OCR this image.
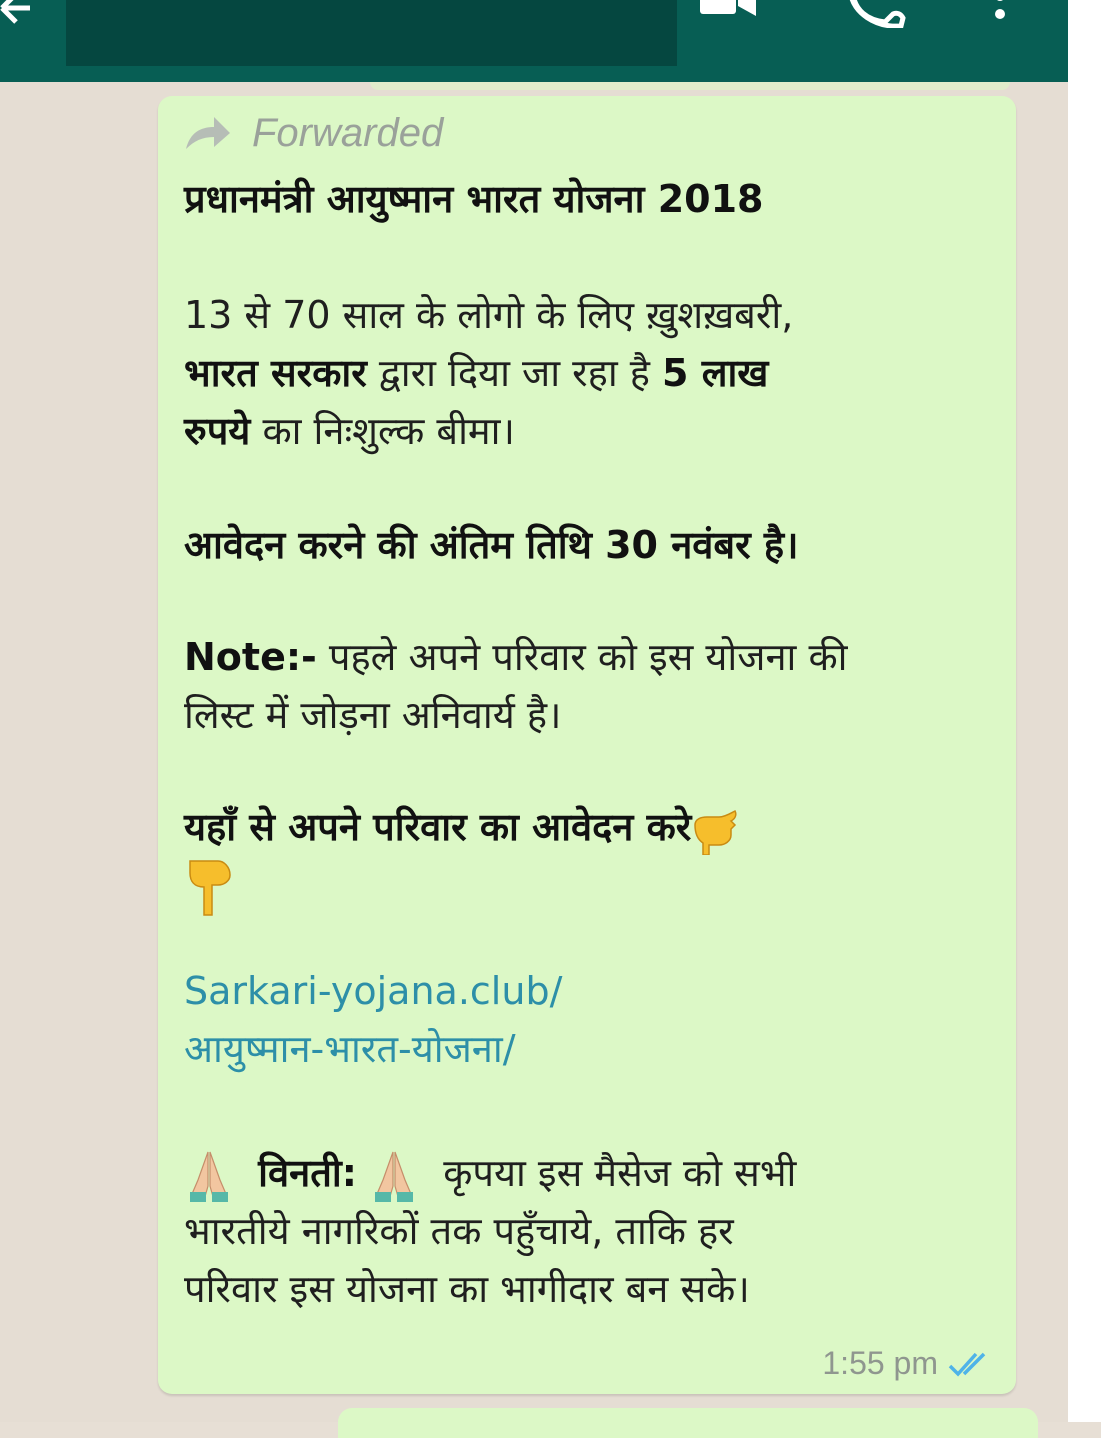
Forwarded
प्रधानमंत्री आयुष्मान भारत योजना 2018
13 से 70 साल के लोगो के लिए ख़ुशख़बरी,
भारत सरकार द्वारा दिया जा रहा है 5 लाख
रुपये का निःशुल्क बीमा।
आवेदन करने की अंतिम तिथि 30 नवंबर है।
Note:- पहले अपने परिवार को इस योजना की
लिस्ट में जोड़ना अनिवार्य है।
यहाँ से अपने परिवार का आवेदन करे
Sarkari-yojana.club/
आयुष्मान-भारत-योजना/
विनती: कृपया इस मैसेज को सभी
भारतीये नागरिकों तक पहुँचाये, ताकि हर
परिवार इस योजना का भागीदार बन सके।
1:55 pm
